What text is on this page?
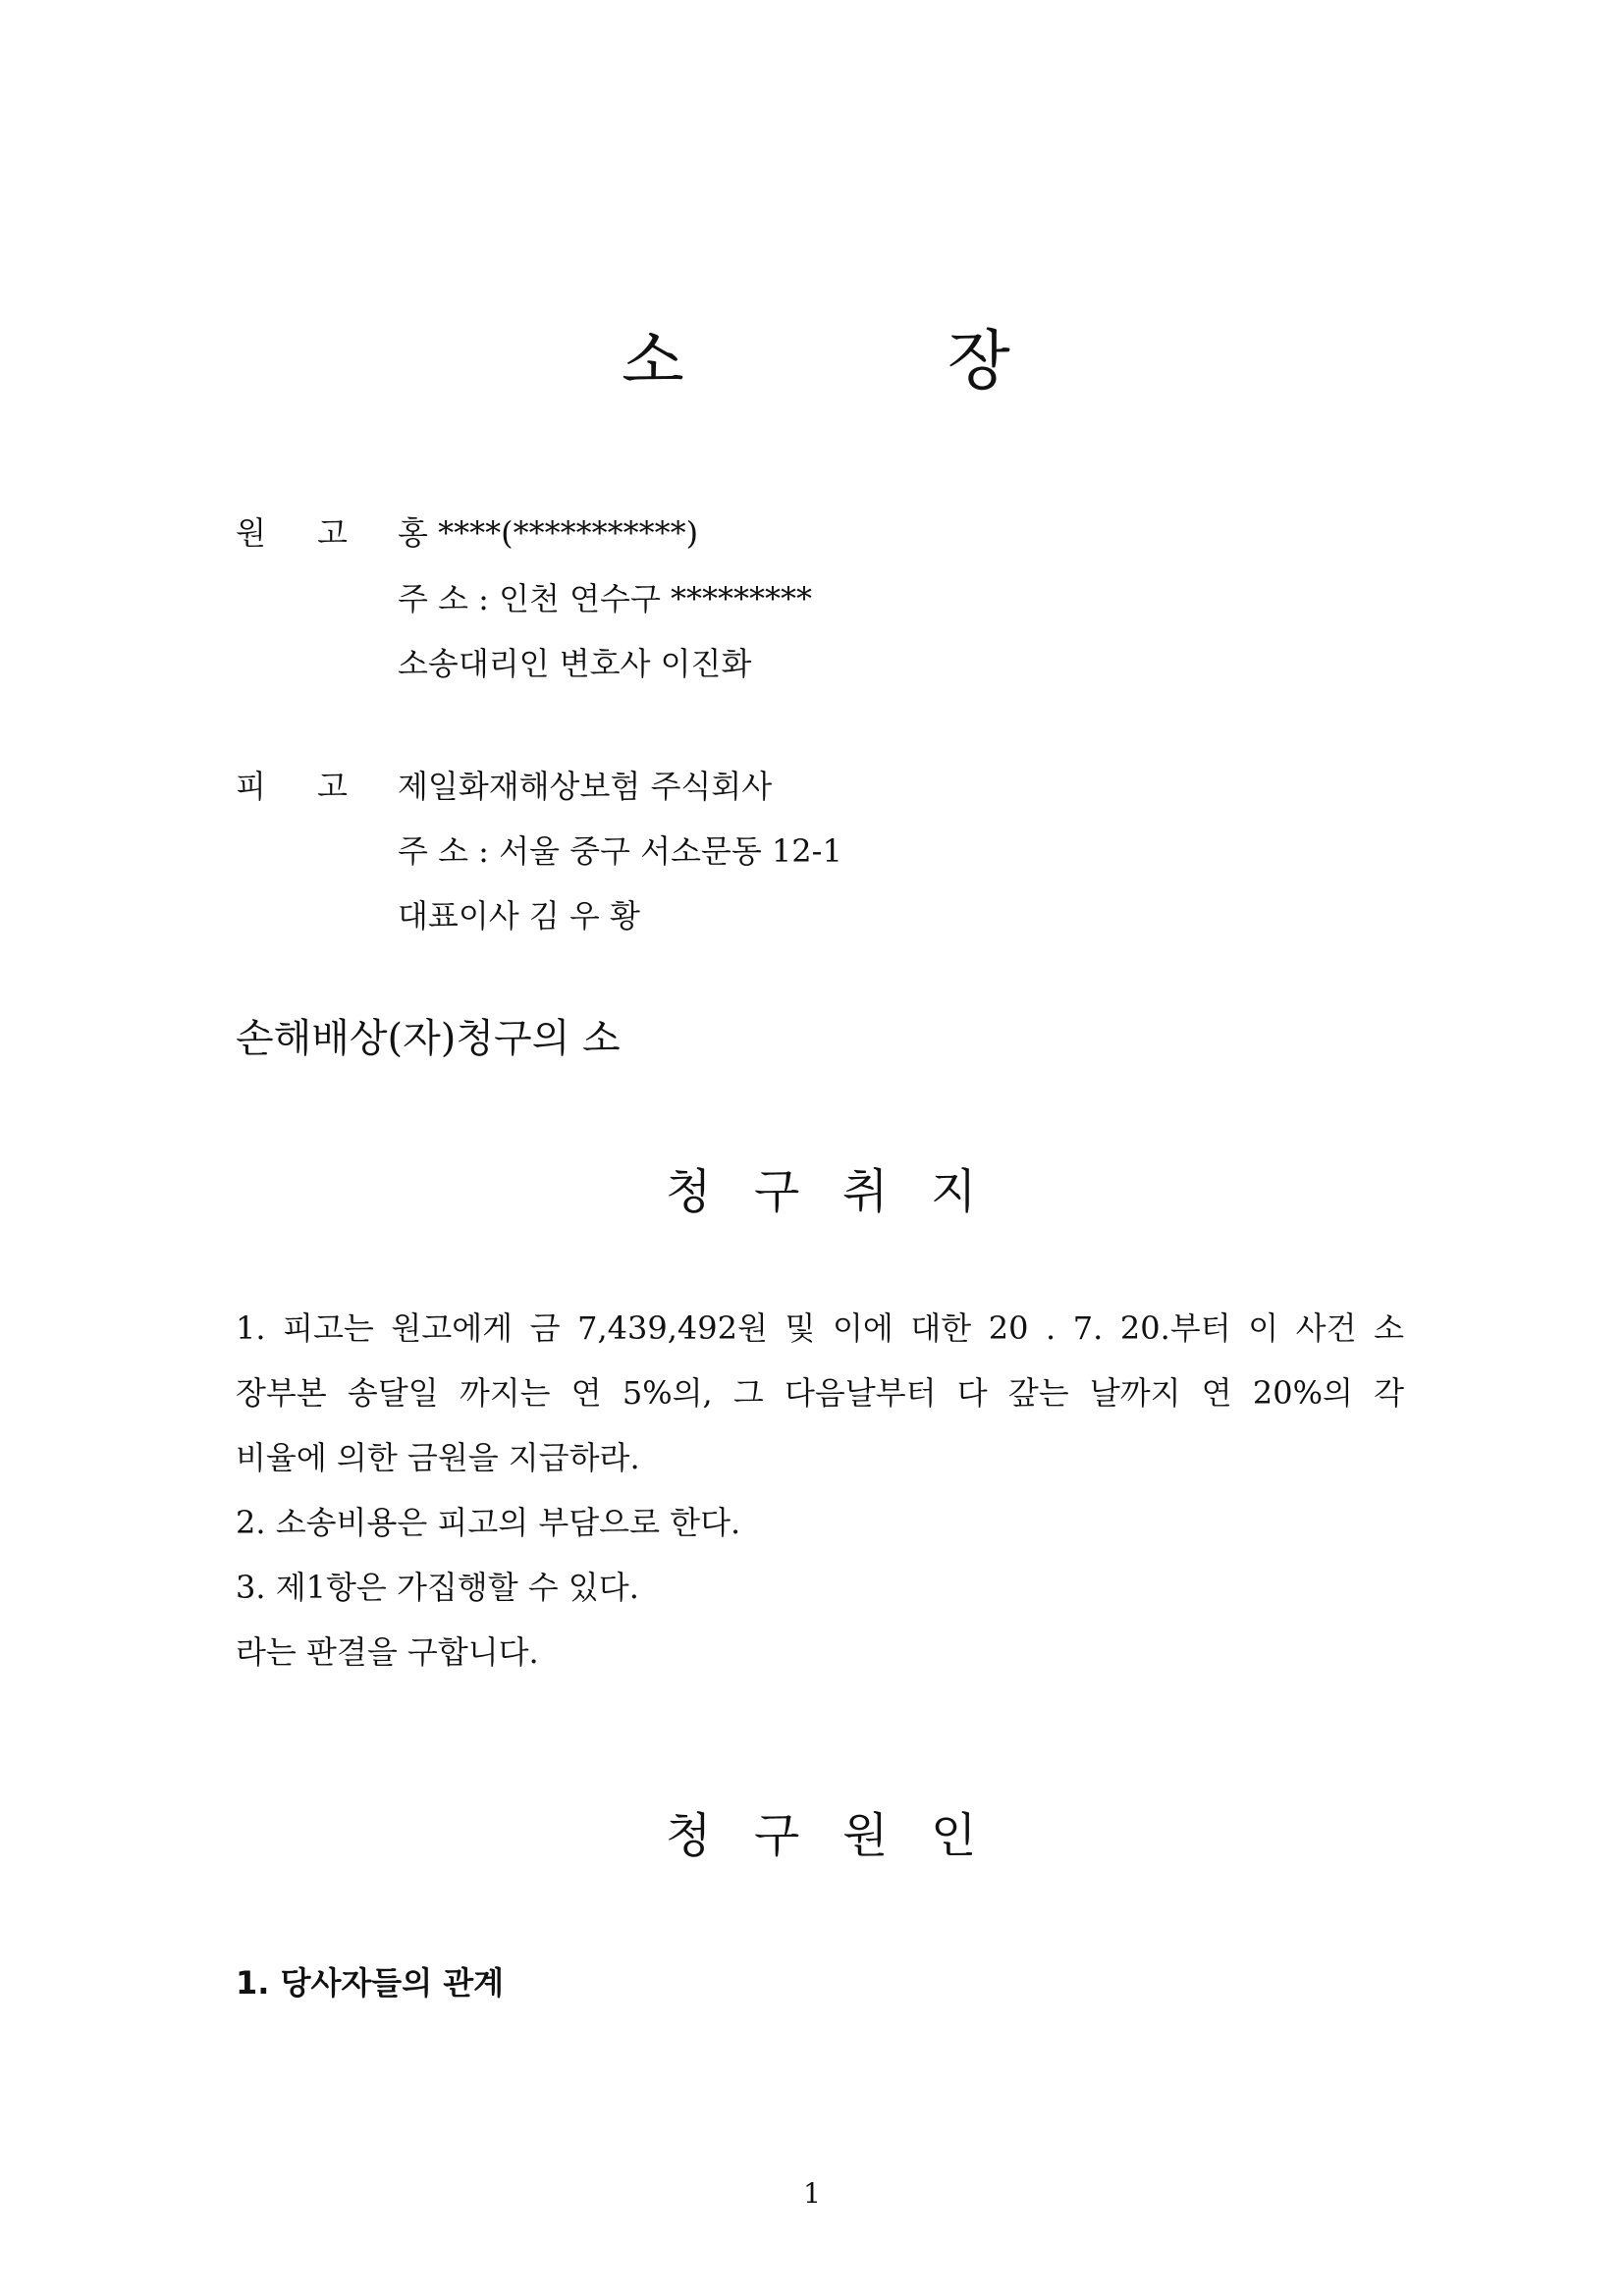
소	장
원 고 홍 ****(***********)
주 소 : 인천 연수구 *********
소송대리인 변호사 이진화
피 고 제일화재해상보험 주식회사
주 소 : 서울 중구 서소문동 12-1
대표이사 김 우 황
손해배상(자)청구의 소
청 구 취 지
1. 피고는 원고에게 금 7,439,492원 및 이에 대한 20 . 7. 20.부터 이 사건 소
장부본 송달일 까지는 연 5%의, 그 다음날부터 다 갚는 날까지 연 20%의 각
비율에 의한 금원을 지급하라.
2. 소송비용은 피고의 부담으로 한다.
3. 제1항은 가집행할 수 있다.
라는 판결을 구합니다.
청 구 원 인
1. 당사자들의 관계
1
